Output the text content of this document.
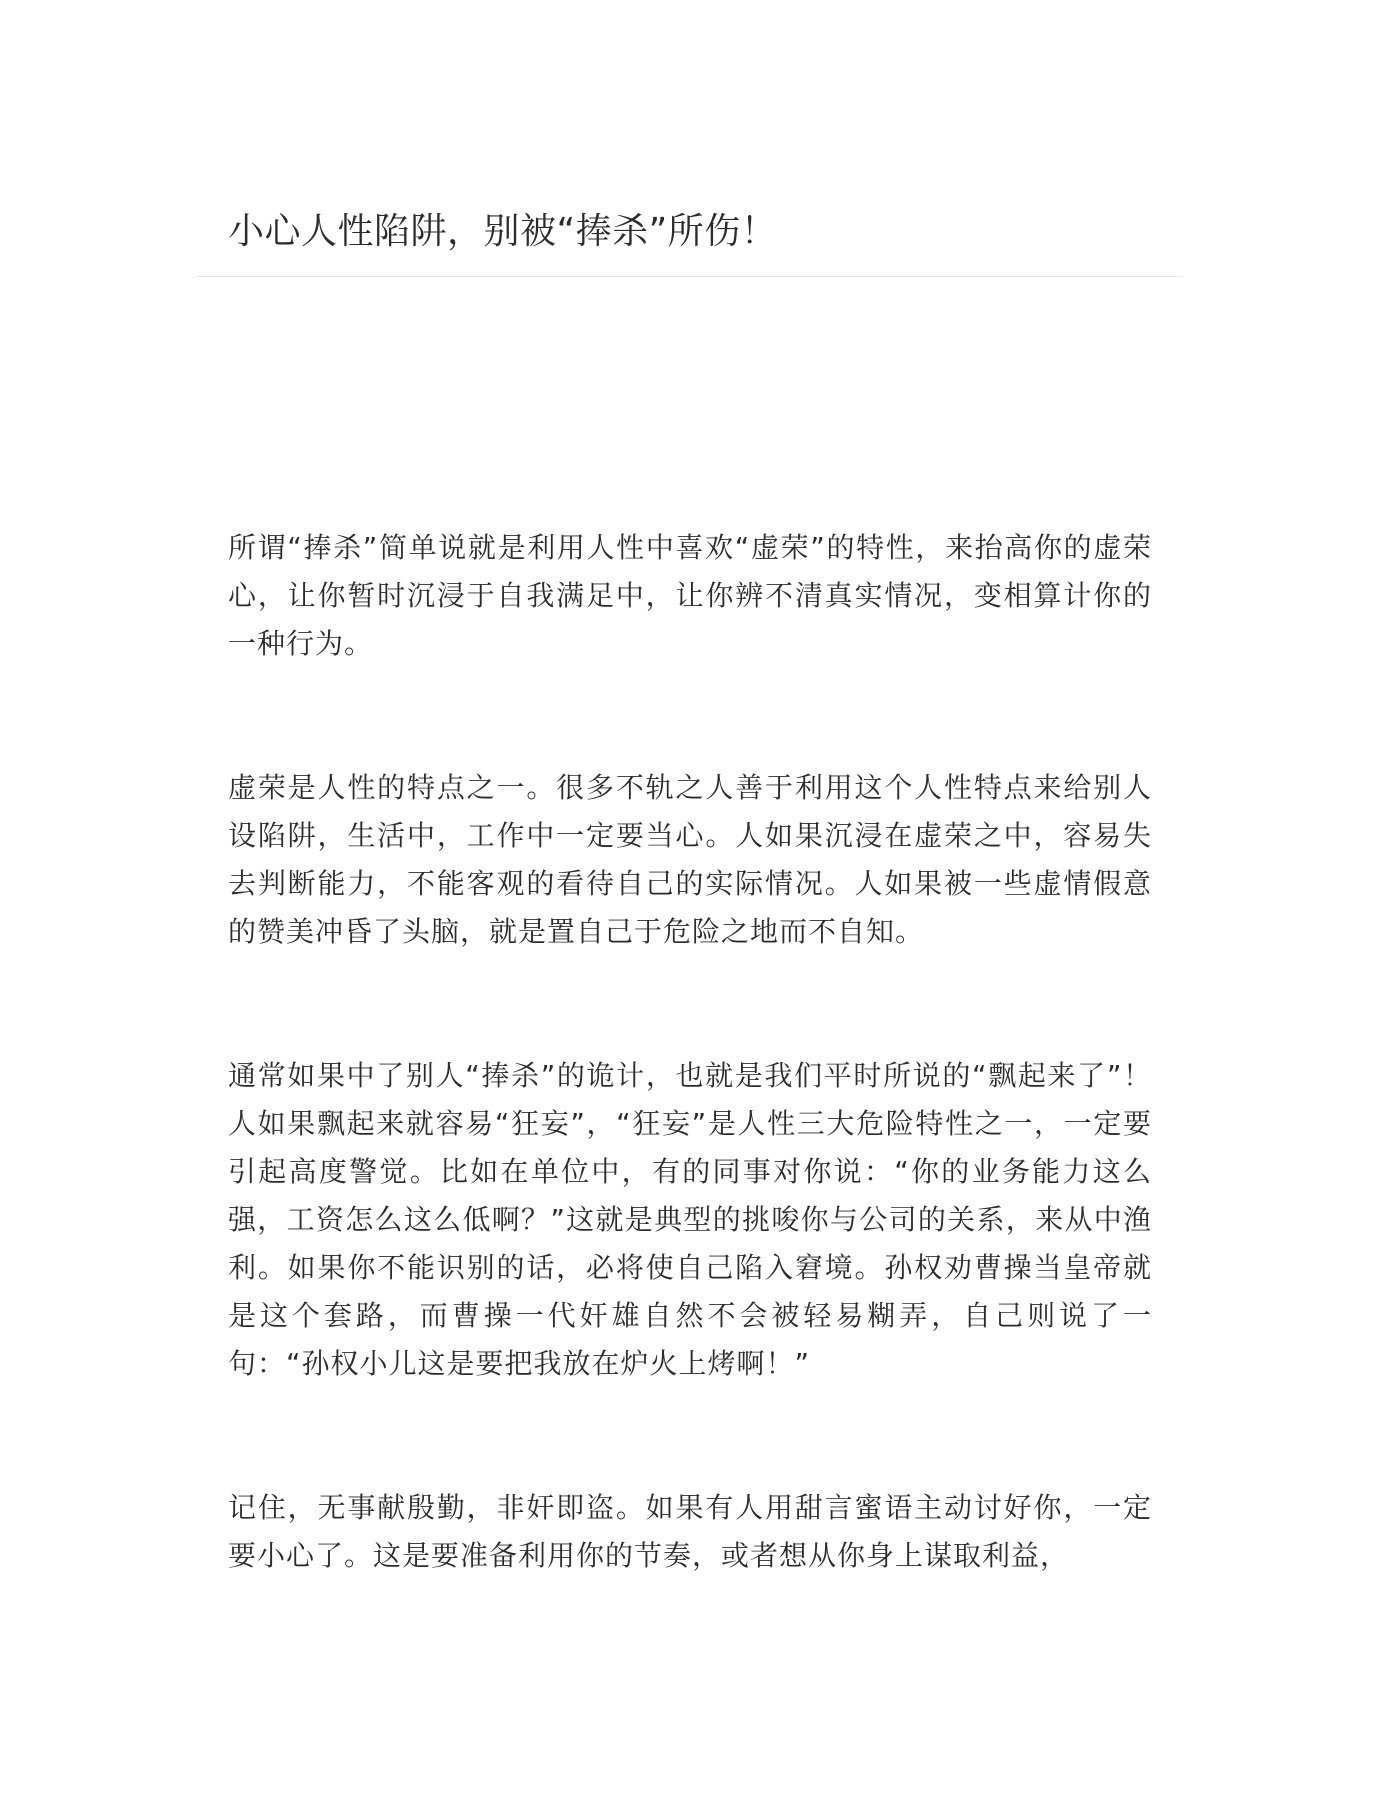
小心人性陷阱，别被“捧杀”所伤！

所谓“捧杀”简单说就是利用人性中喜欢“虚荣”的特性，来抬高你的虚荣心，让你暂时沉浸于自我满足中，让你辨不清真实情况，变相算计你的一种行为。

虚荣是人性的特点之一。很多不轨之人善于利用这个人性特点来给别人设陷阱，生活中，工作中一定要当心。人如果沉浸在虚荣之中，容易失去判断能力，不能客观的看待自己的实际情况。人如果被一些虚情假意的赞美冲昏了头脑，就是置自己于危险之地而不自知。

通常如果中了别人“捧杀”的诡计，也就是我们平时所说的“飘起来了”！人如果飘起来就容易“狂妄”，“狂妄”是人性三大危险特性之一，一定要引起高度警觉。比如在单位中，有的同事对你说：“你的业务能力这么强，工资怎么这么低啊？”这就是典型的挑唆你与公司的关系，来从中渔利。如果你不能识别的话，必将使自己陷入窘境。孙权劝曹操当皇帝就是这个套路，而曹操一代奸雄自然不会被轻易糊弄，自己则说了一句：“孙权小儿这是要把我放在炉火上烤啊！”

记住，无事献殷勤，非奸即盗。如果有人用甜言蜜语主动讨好你，一定要小心了。这是要准备利用你的节奏，或者想从你身上谋取利益，
